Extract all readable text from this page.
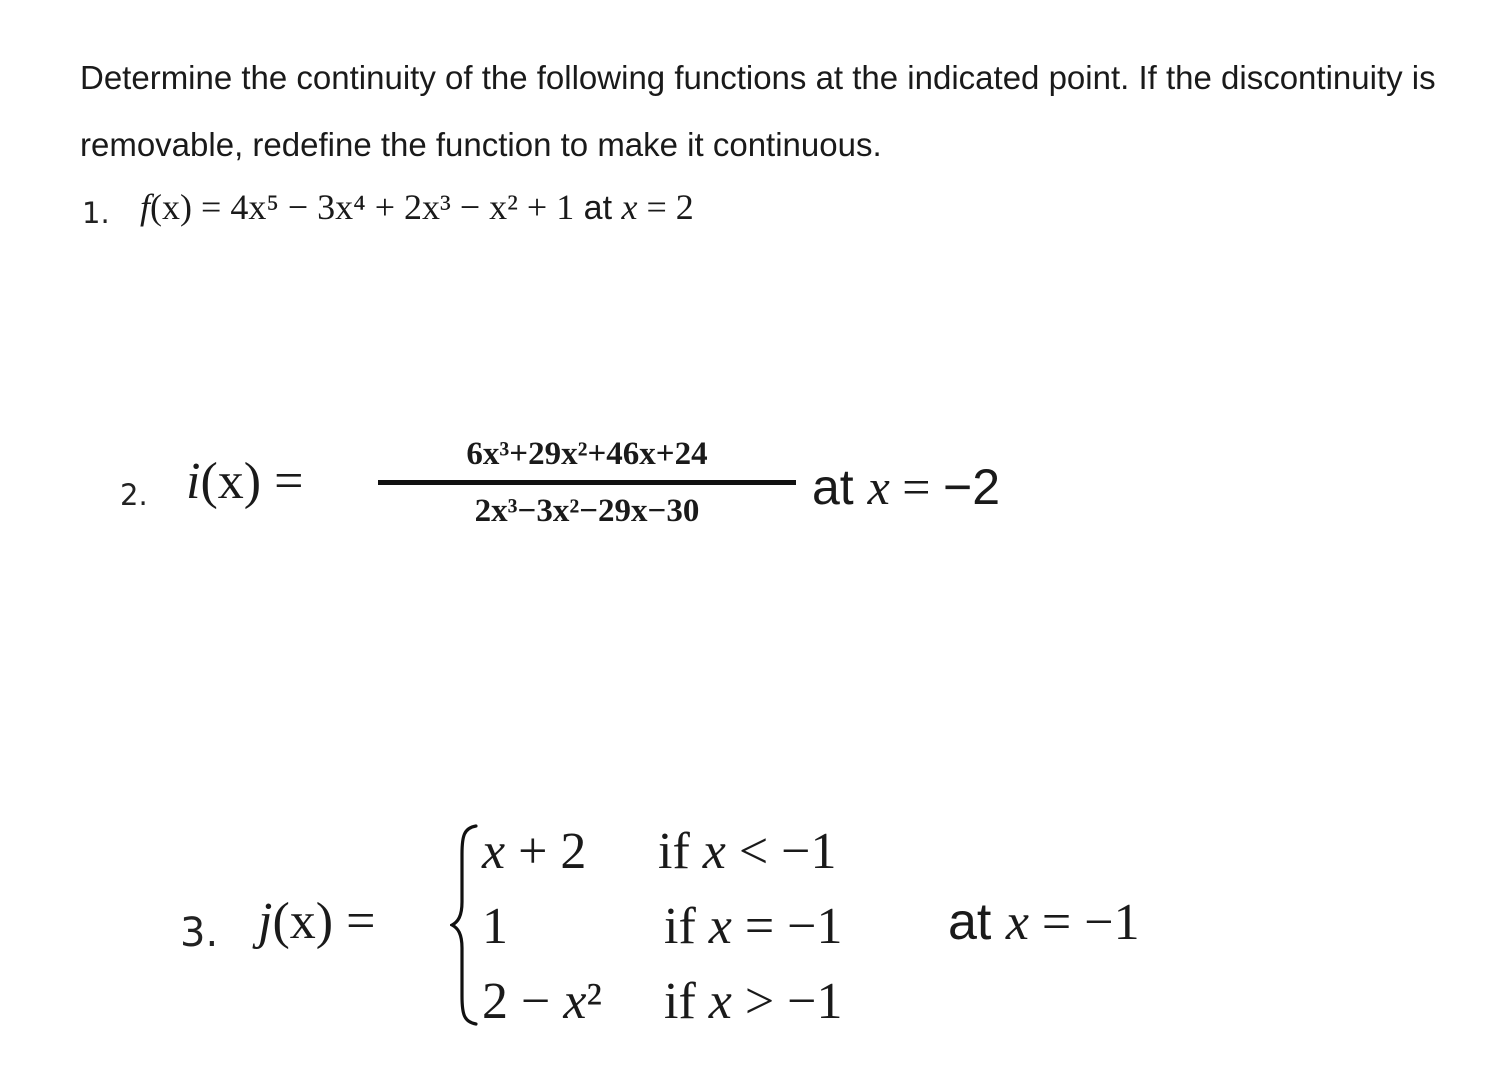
Determine the continuity of the following functions at the indicated point. If the discontinuity is removable, redefine the function to make it continuous.

1. f(x) = 4x⁵ − 3x⁴ + 2x³ − x² + 1 at x = 2
2. i(x) =	6x³+29x²+46x+24
2x³−3x²−29x−30	at x = −2
3. j(x) =
x + 2 if x < −1
1	if x = −1
2 − x² if x > −1
at x = −1
